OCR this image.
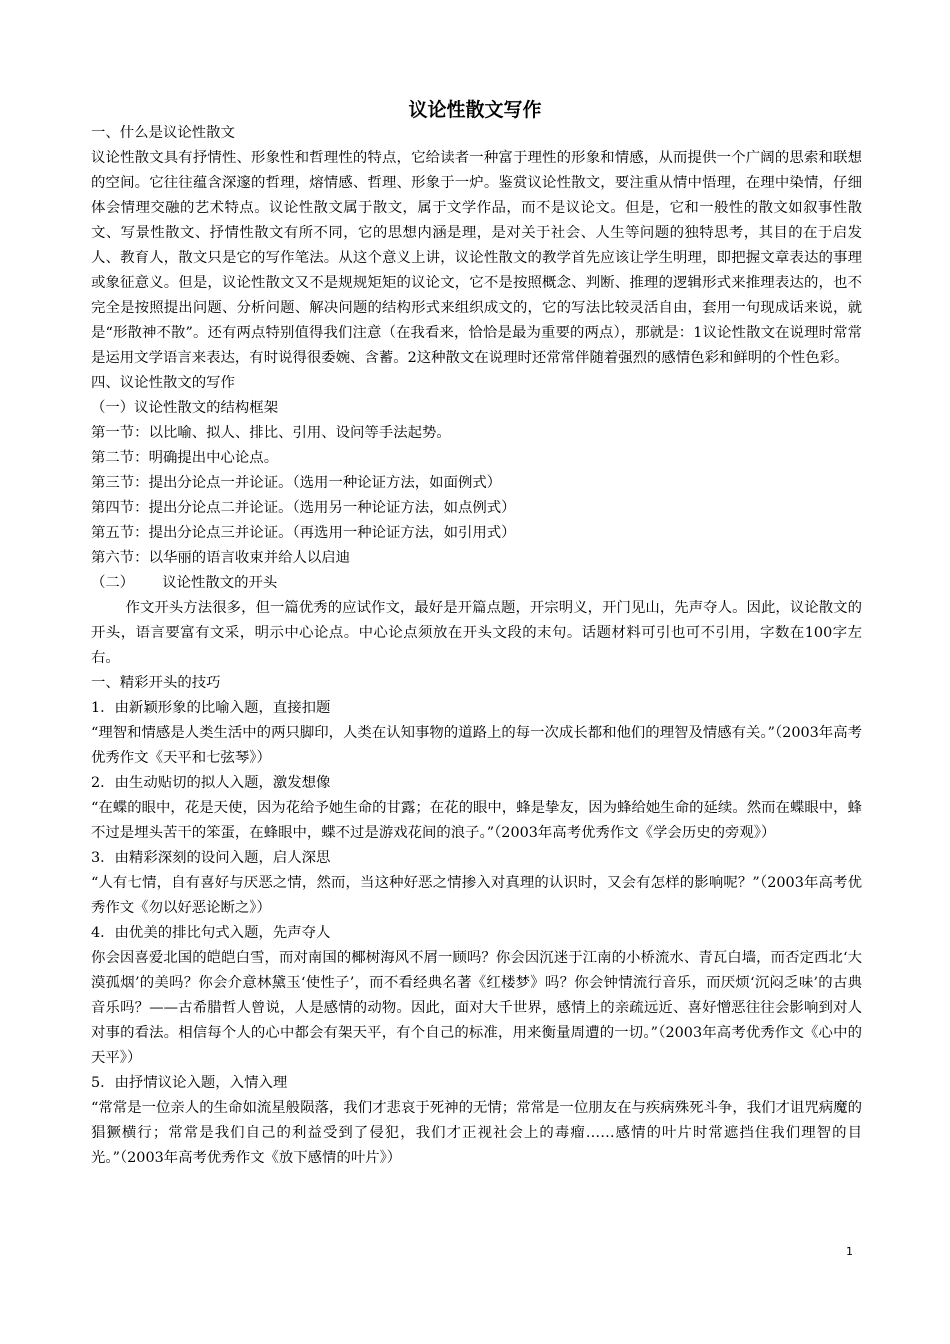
议论性散文写作

一、什么是议论性散文

议论性散文具有抒情性、形象性和哲理性的特点，它给读者一种富于理性的形象和情感，从而提供一个广阔的思索和联想的空间。它往往蕴含深邃的哲理，熔情感、哲理、形象于一炉。鉴赏议论性散文，要注重从情中悟理，在理中染情，仔细体会情理交融的艺术特点。议论性散文属于散文，属于文学作品，而不是议论文。但是，它和一般性的散文如叙事性散文、写景性散文、抒情性散文有所不同，它的思想内涵是理，是对关于社会、人生等问题的独特思考，其目的在于启发人、教育人，散文只是它的写作笔法。从这个意义上讲，议论性散文的教学首先应该让学生明理，即把握文章表达的事理或象征意义。但是，议论性散文又不是规规矩矩的议论文，它不是按照概念、判断、推理的逻辑形式来推理表达的，也不完全是按照提出问题、分析问题、解决问题的结构形式来组织成文的，它的写法比较灵活自由，套用一句现成话来说，就是“形散神不散”。还有两点特别值得我们注意（在我看来，恰恰是最为重要的两点），那就是：1议论性散文在说理时常常是运用文学语言来表达，有时说得很委婉、含蓄。2这种散文在说理时还常常伴随着强烈的感情色彩和鲜明的个性色彩。

四、议论性散文的写作

（一）议论性散文的结构框架

第一节：以比喻、拟人、排比、引用、设问等手法起势。

第二节：明确提出中心论点。

第三节：提出分论点一并论证。（选用一种论证方法，如面例式）

第四节：提出分论点二并论证。（选用另一种论证方法，如点例式）

第五节：提出分论点三并论证。（再选用一种论证方法，如引用式）

第六节：以华丽的语言收束并给人以启迪

（二） 议论性散文的开头

作文开头方法很多，但一篇优秀的应试作文，最好是开篇点题，开宗明义，开门见山，先声夺人。因此，议论散文的开头，语言要富有文采，明示中心论点。中心论点须放在开头文段的末句。话题材料可引也可不引用，字数在100字左右。

一、精彩开头的技巧

1．由新颖形象的比喻入题，直接扣题

“理智和情感是人类生活中的两只脚印，人类在认知事物的道路上的每一次成长都和他们的理智及情感有关。”（2003年高考优秀作文《天平和七弦琴》）

2．由生动贴切的拟人入题，激发想像

“在蝶的眼中，花是天使，因为花给予她生命的甘露；在花的眼中，蜂是挚友，因为蜂给她生命的延续。然而在蝶眼中，蜂不过是埋头苦干的笨蛋，在蜂眼中，蝶不过是游戏花间的浪子。”（2003年高考优秀作文《学会历史的旁观》）

3．由精彩深刻的设问入题，启人深思

“人有七情，自有喜好与厌恶之情，然而，当这种好恶之情掺入对真理的认识时，又会有怎样的影响呢？”（2003年高考优秀作文《勿以好恶论断之》）

4．由优美的排比句式入题，先声夺人

你会因喜爱北国的皑皑白雪，而对南国的椰树海风不屑一顾吗？你会因沉迷于江南的小桥流水、青瓦白墙，而否定西北‘大漠孤烟’的美吗？你会介意林黛玉‘使性子’，而不看经典名著《红楼梦》吗？你会钟情流行音乐，而厌烦‘沉闷乏味’的古典音乐吗？——古希腊哲人曾说，人是感情的动物。因此，面对大千世界，感情上的亲疏远近、喜好憎恶往往会影响到对人对事的看法。相信每个人的心中都会有架天平，有个自己的标准，用来衡量周遭的一切。”（2003年高考优秀作文《心中的天平》）

5．由抒情议论入题，入情入理

“常常是一位亲人的生命如流星般陨落，我们才悲哀于死神的无情；常常是一位朋友在与疾病殊死斗争，我们才诅咒病魔的猖獗横行；常常是我们自己的利益受到了侵犯，我们才正视社会上的毒瘤……感情的叶片时常遮挡住我们理智的目光。”（2003年高考优秀作文《放下感情的叶片》）

1
